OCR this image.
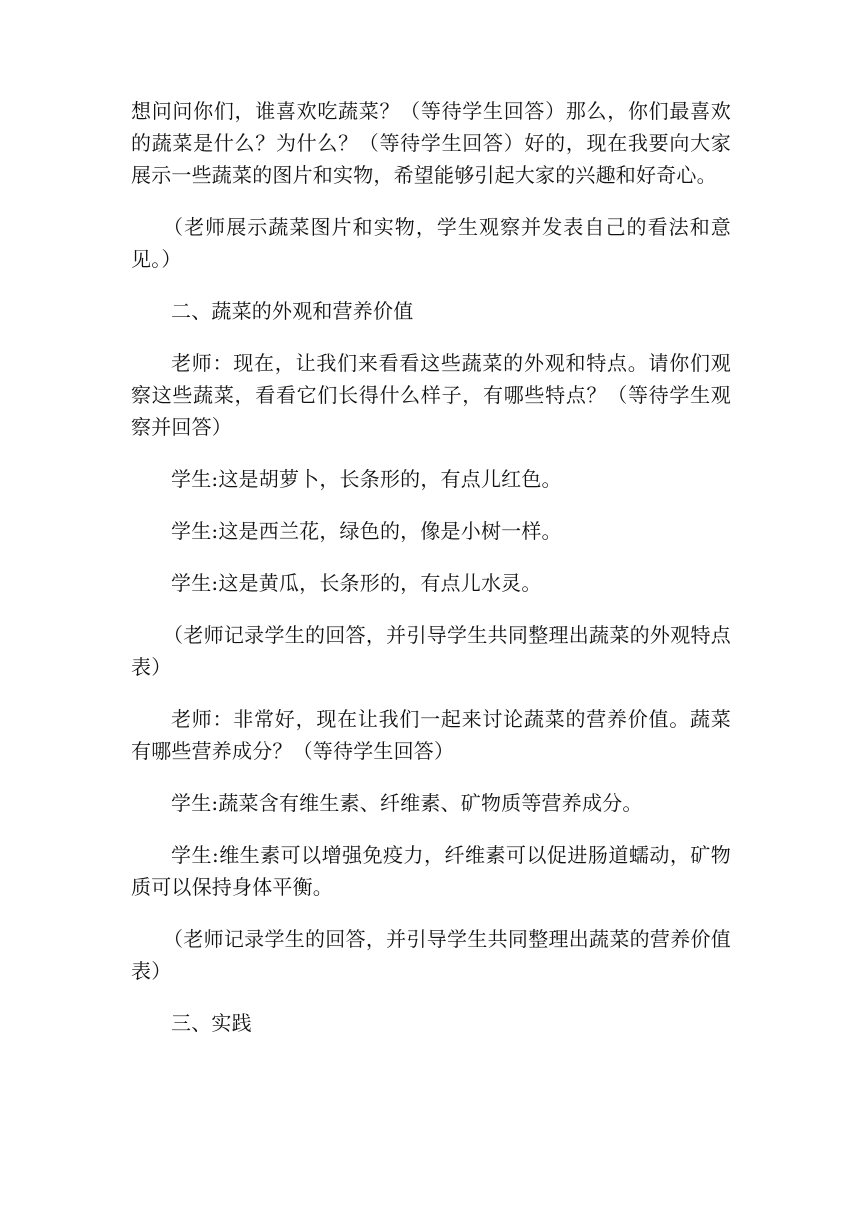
想问问你们，谁喜欢吃蔬菜？（等待学生回答）那么，你们最喜欢的蔬菜是什么？为什么？（等待学生回答）好的，现在我要向大家展示一些蔬菜的图片和实物，希望能够引起大家的兴趣和好奇心。

（老师展示蔬菜图片和实物，学生观察并发表自己的看法和意见。）

二、蔬菜的外观和营养价值

老师：现在，让我们来看看这些蔬菜的外观和特点。请你们观察这些蔬菜，看看它们长得什么样子，有哪些特点？（等待学生观察并回答）

学生:这是胡萝卜，长条形的，有点儿红色。

学生:这是西兰花，绿色的，像是小树一样。

学生:这是黄瓜，长条形的，有点儿水灵。

（老师记录学生的回答，并引导学生共同整理出蔬菜的外观特点表）

老师：非常好，现在让我们一起来讨论蔬菜的营养价值。蔬菜有哪些营养成分？（等待学生回答）

学生:蔬菜含有维生素、纤维素、矿物质等营养成分。

学生:维生素可以增强免疫力，纤维素可以促进肠道蠕动，矿物质可以保持身体平衡。

（老师记录学生的回答，并引导学生共同整理出蔬菜的营养价值表）

三、实践
